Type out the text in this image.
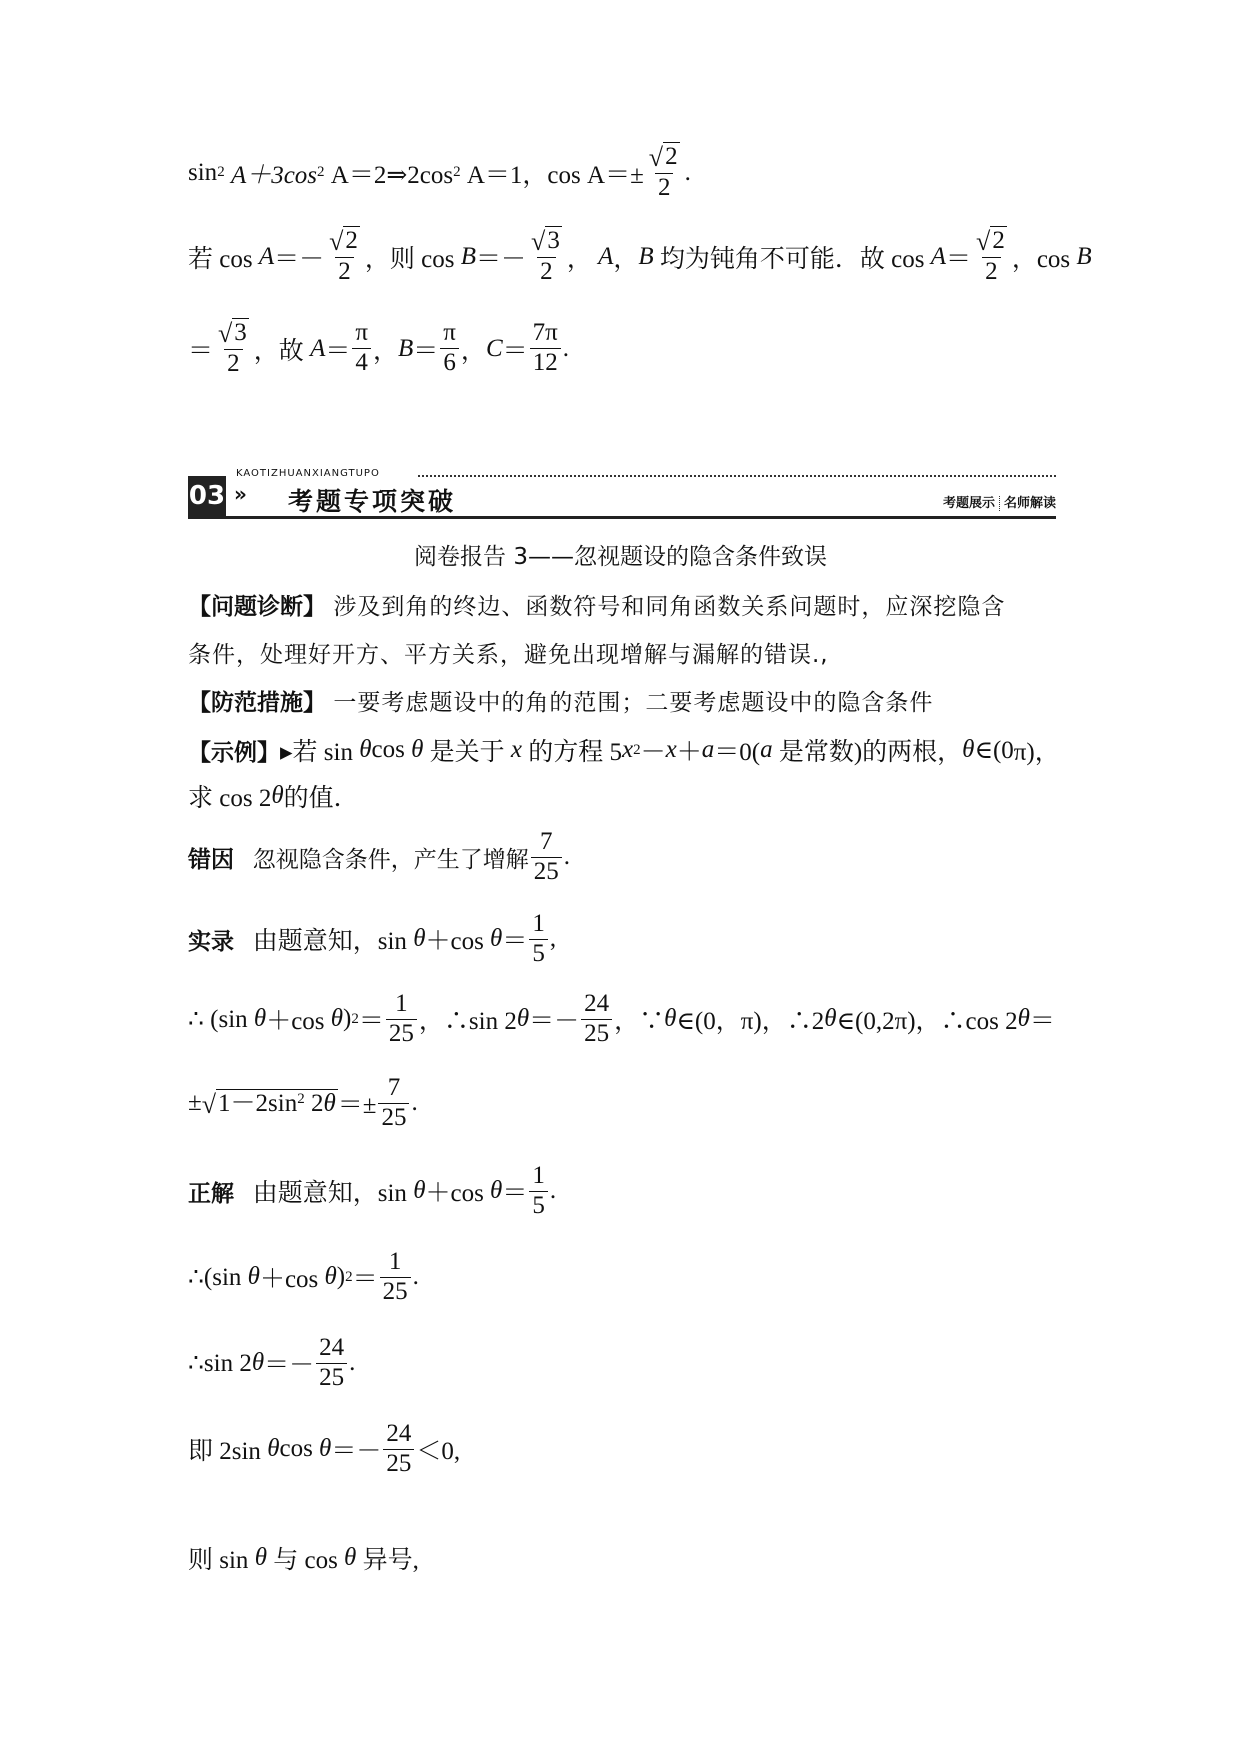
sin 2
A＋3cos 2
A＝2⇒2cos 2
A＝1，cos
$A=\pm \frac{√ 2}{2}$ .
若 cos
$A =- \frac{√ 2}{2}$ ，则 cos
$B =- \frac{√ 3}{2}$ ，
A ， B
均为钝角不可能．故 cos
$A = \frac{√ 2}{2}$ ，cos
B
＝ $\frac{√ 3}{2}$ ，故
$A = \frac{\pi}{4}$ ， $B = \frac{\pi}{6}$ ， $C = \frac{7\pi}{12}$ .
KAOTIZHUANXIANGTUPO
03 » 考题专项突破	考题展示 名师解读
阅卷报告 3——忽视题设的隐含条件致误
【问题诊断】
涉及到角的终边、函数符号和同角函数关系问题时，应深挖隐含
条件，处理好开方、平方关系，避免出现增解与漏解的错误.,
【防范措施】
一要考虑题设中的角的范围；二要考虑题设中的隐含条件
【示例】 ▸若 sin
θ cos
θ
是关于
x
的方程 5 x 2 － x ＋ a ＝0( a
是常数)的两根， θ ∈(0 π)，
求 cos 2 θ 的值．
错因
忽视隐含条件，产生了增解 $\frac{7}{25}$ .
实录
由题意知，sin
θ ＋cos
$\theta = \frac{1}{5}$ ,
∴ (sin
θ ＋cos
θ ) $2 = \frac{1}{25}$ ，∴sin 2 $\theta =- \frac{24}{25}$ ，∵ θ ∈(0，π)，∴2 θ ∈(0,2π)，∴cos 2 θ ＝
± √ $1-2\sin^2$ $2\theta =\pm \frac{7}{25}$ .
正解
由题意知，sin
θ ＋cos
$\theta = \frac{1}{5}$ .
∴(sin
θ ＋cos
θ ) $2 = \frac{1}{25}$ .
∴sin 2 $\theta =- \frac{24}{25}$ .
即 2sin
θ cos
$\theta =- \frac{24}{25} <0$,
则 sin
θ
与 cos
θ
异号,
